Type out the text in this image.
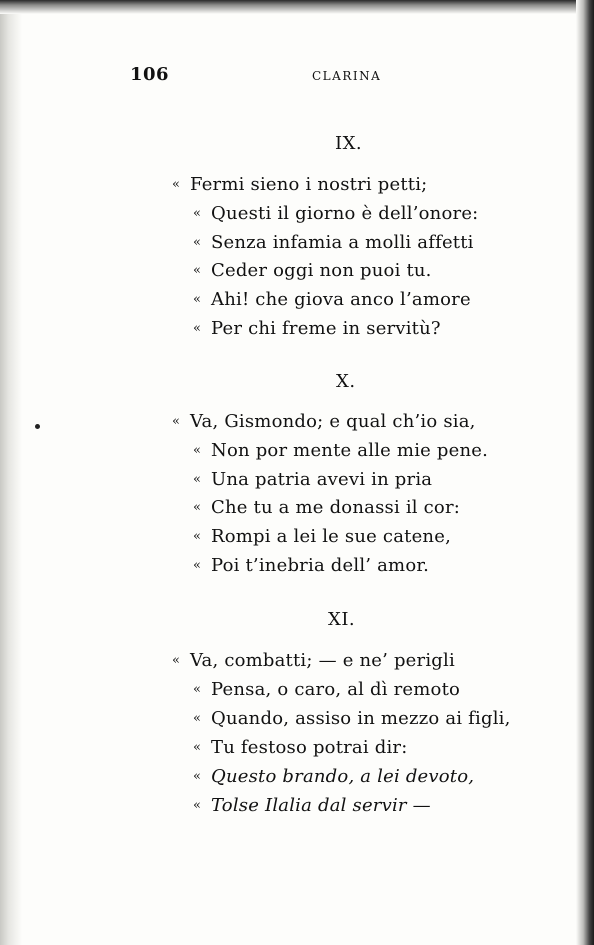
106	CLARINA
IX.
« Fermi sieno i nostri petti;
« Questi il giorno è dell’onore:
« Senza infamia a molli affetti
« Ceder oggi non puoi tu.
« Ahi! che giova anco l’amore
« Per chi freme in servitù?
X.
« Va, Gismondo; e qual ch’io sia,
« Non por mente alle mie pene.
« Una patria avevi in pria
« Che tu a me donassi il cor:
« Rompi a lei le sue catene,
« Poi t’inebria dell’ amor.
XI.
« Va, combatti; — e ne’ perigli
« Pensa, o caro, al dì remoto
« Quando, assiso in mezzo ai figli,
« Tu festoso potrai dir:
« Questo brando, a lei devoto,
« Tolse Ilalia dal servir —
